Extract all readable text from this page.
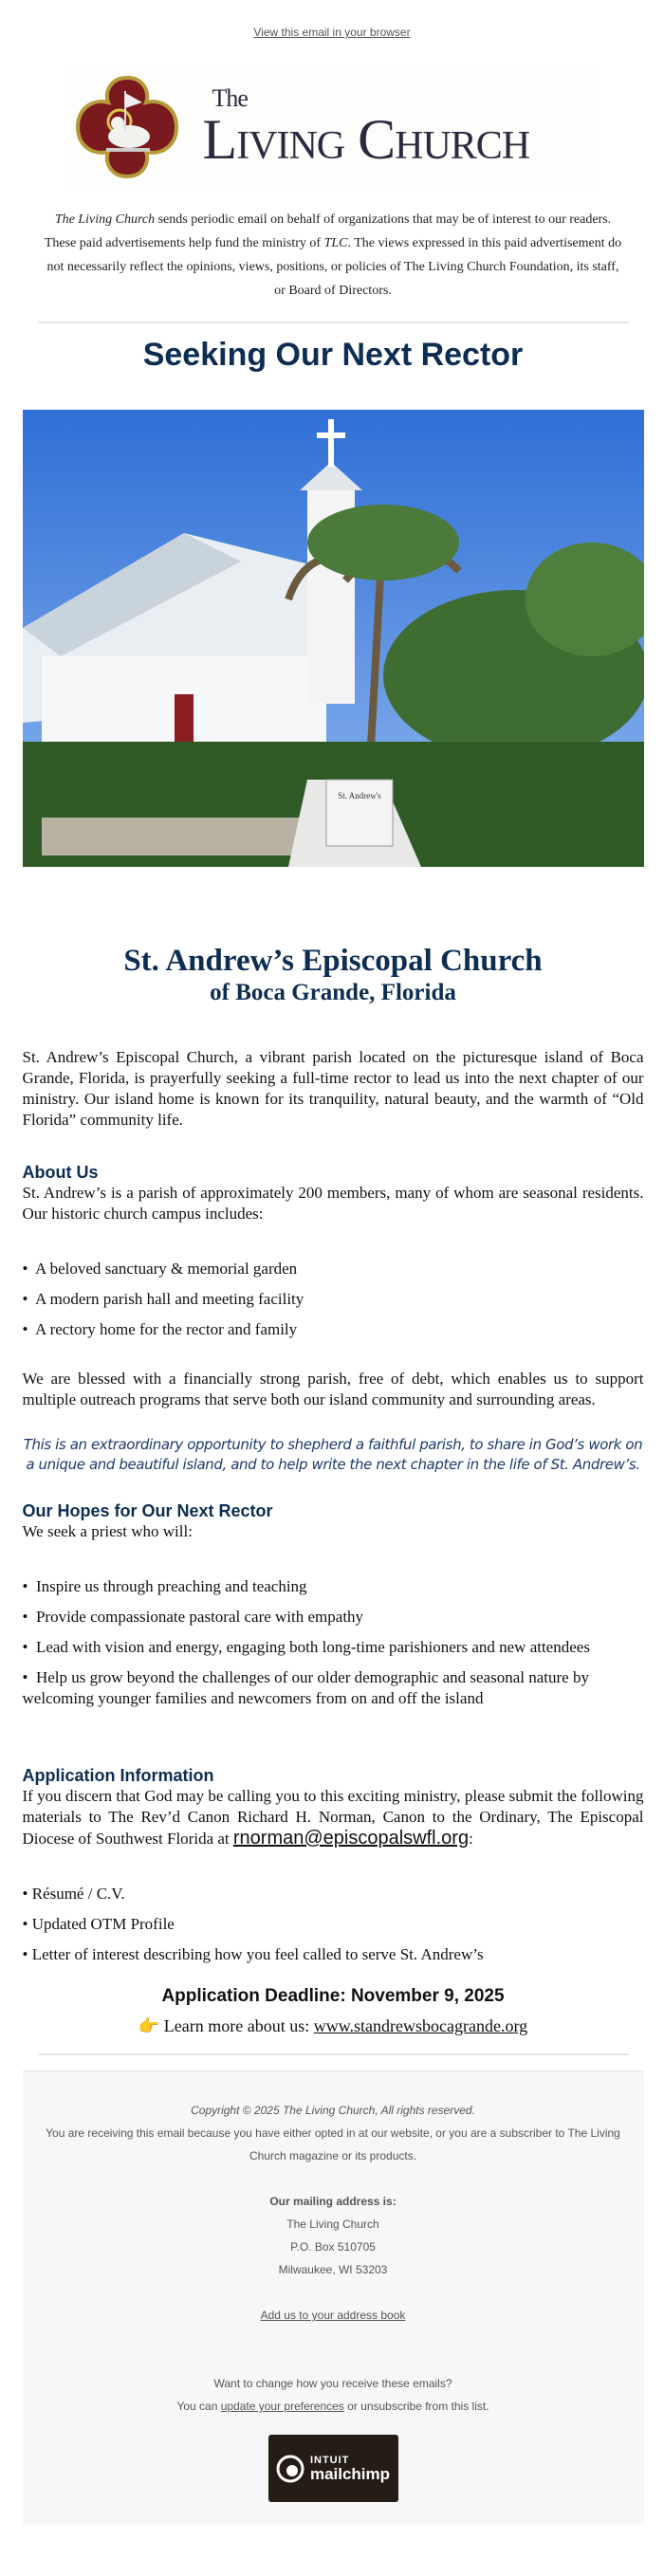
View this email in your browser
The
Living Church
The Living Church sends periodic email on behalf of organizations that may be of interest to our readers. These paid advertisements help fund the ministry of TLC. The views expressed in this paid advertisement do not necessarily reflect the opinions, views, positions, or policies of The Living Church Foundation, its staff, or Board of Directors.
Seeking Our Next Rector
St. Andrew's
St. Andrew’s Episcopal Church
of Boca Grande, Florida

St. Andrew’s Episcopal Church, a vibrant parish located on the picturesque island of Boca Grande, Florida, is prayerfully seeking a full-time rector to lead us into the next chapter of our ministry. Our island home is known for its tranquility, natural beauty, and the warmth of “Old Florida” community life.

About Us

St. Andrew’s is a parish of approximately 200 members, many of whom are seasonal residents. Our historic church campus includes:

•  A beloved sanctuary & memorial garden
•  A modern parish hall and meeting facility
•  A rectory home for the rector and family

We are blessed with a financially strong parish, free of debt, which enables us to support multiple outreach programs that serve both our island community and surrounding areas.

This is an extraordinary opportunity to shepherd a faithful parish, to share in God’s work on a unique and beautiful island, and to help write the next chapter in the life of St. Andrew’s.
Our Hopes for Our Next Rector

We seek a priest who will:

•  Inspire us through preaching and teaching
•  Provide compassionate pastoral care with empathy
•  Lead with vision and energy, engaging both long-time parishioners and new attendees
•  Help us grow beyond the challenges of our older demographic and seasonal nature by welcoming younger families and newcomers from on and off the island
Application Information

If you discern that God may be calling you to this exciting ministry, please submit the following materials to The Rev’d Canon Richard H. Norman, Canon to the Ordinary, The Episcopal Diocese of Southwest Florida at rnorman@episcopalswfl.org:

• Résumé / C.V.
• Updated OTM Profile
• Letter of interest describing how you feel called to serve St. Andrew’s
Application Deadline: November 9, 2025
👉 Learn more about us: www.standrewsbocagrande.org
Copyright © 2025 The Living Church, All rights reserved.
You are receiving this email because you have either opted in at our website, or you are a subscriber to The Living Church magazine or its products.
Our mailing address is:
The Living Church
P.O. Box 510705
Milwaukee, WI 53203
Add us to your address book
Want to change how you receive these emails?
You can update your preferences or unsubscribe from this list.
INTUIT
mailchimp
